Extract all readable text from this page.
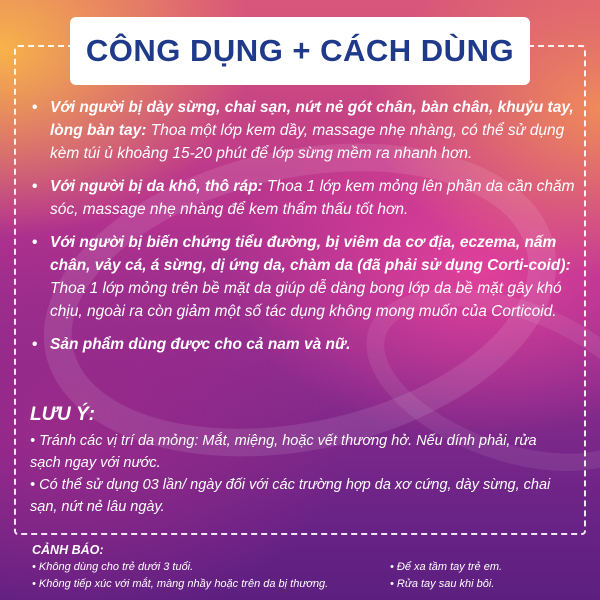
CÔNG DỤNG + CÁCH DÙNG
• Với người bị dày sừng, chai sạn, nứt nẻ gót chân, bàn chân, khuỷu tay, lòng bàn tay: Thoa một lớp kem dầy, massage nhẹ nhàng, có thể sử dụng kèm túi ủ khoảng 15-20 phút để lớp sừng mềm ra nhanh hơn.
• Với người bị da khô, thô ráp: Thoa 1 lớp kem mỏng lên phần da cần chăm sóc, massage nhẹ nhàng để kem thẩm thấu tốt hơn.
• Với người bị biến chứng tiểu đường, bị viêm da cơ địa, eczema, nấm chân, vảy cá, á sừng, dị ứng da, chàm da (đã phải sử dụng Corti-coid): Thoa 1 lớp mỏng trên bề mặt da giúp dễ dàng bong lớp da bề mặt gây khó chịu, ngoài ra còn giảm một số tác dụng không mong muốn của Corticoid.
• Sản phẩm dùng được cho cả nam và nữ.
LƯU Ý:
• Tránh các vị trí da mỏng: Mắt, miệng, hoặc vết thương hở. Nếu dính phải, rửa sạch ngay với nước.
• Có thể sử dụng 03 lần/ ngày đối với các trường hợp da xơ cứng, dày sừng, chai sạn, nứt nẻ lâu ngày.
CẢNH BÁO:
• Không dùng cho trẻ dưới 3 tuổi.
• Không tiếp xúc với mắt, màng nhầy hoặc trên da bị thương.
• Để xa tầm tay trẻ em.
• Rửa tay sau khi bôi.
